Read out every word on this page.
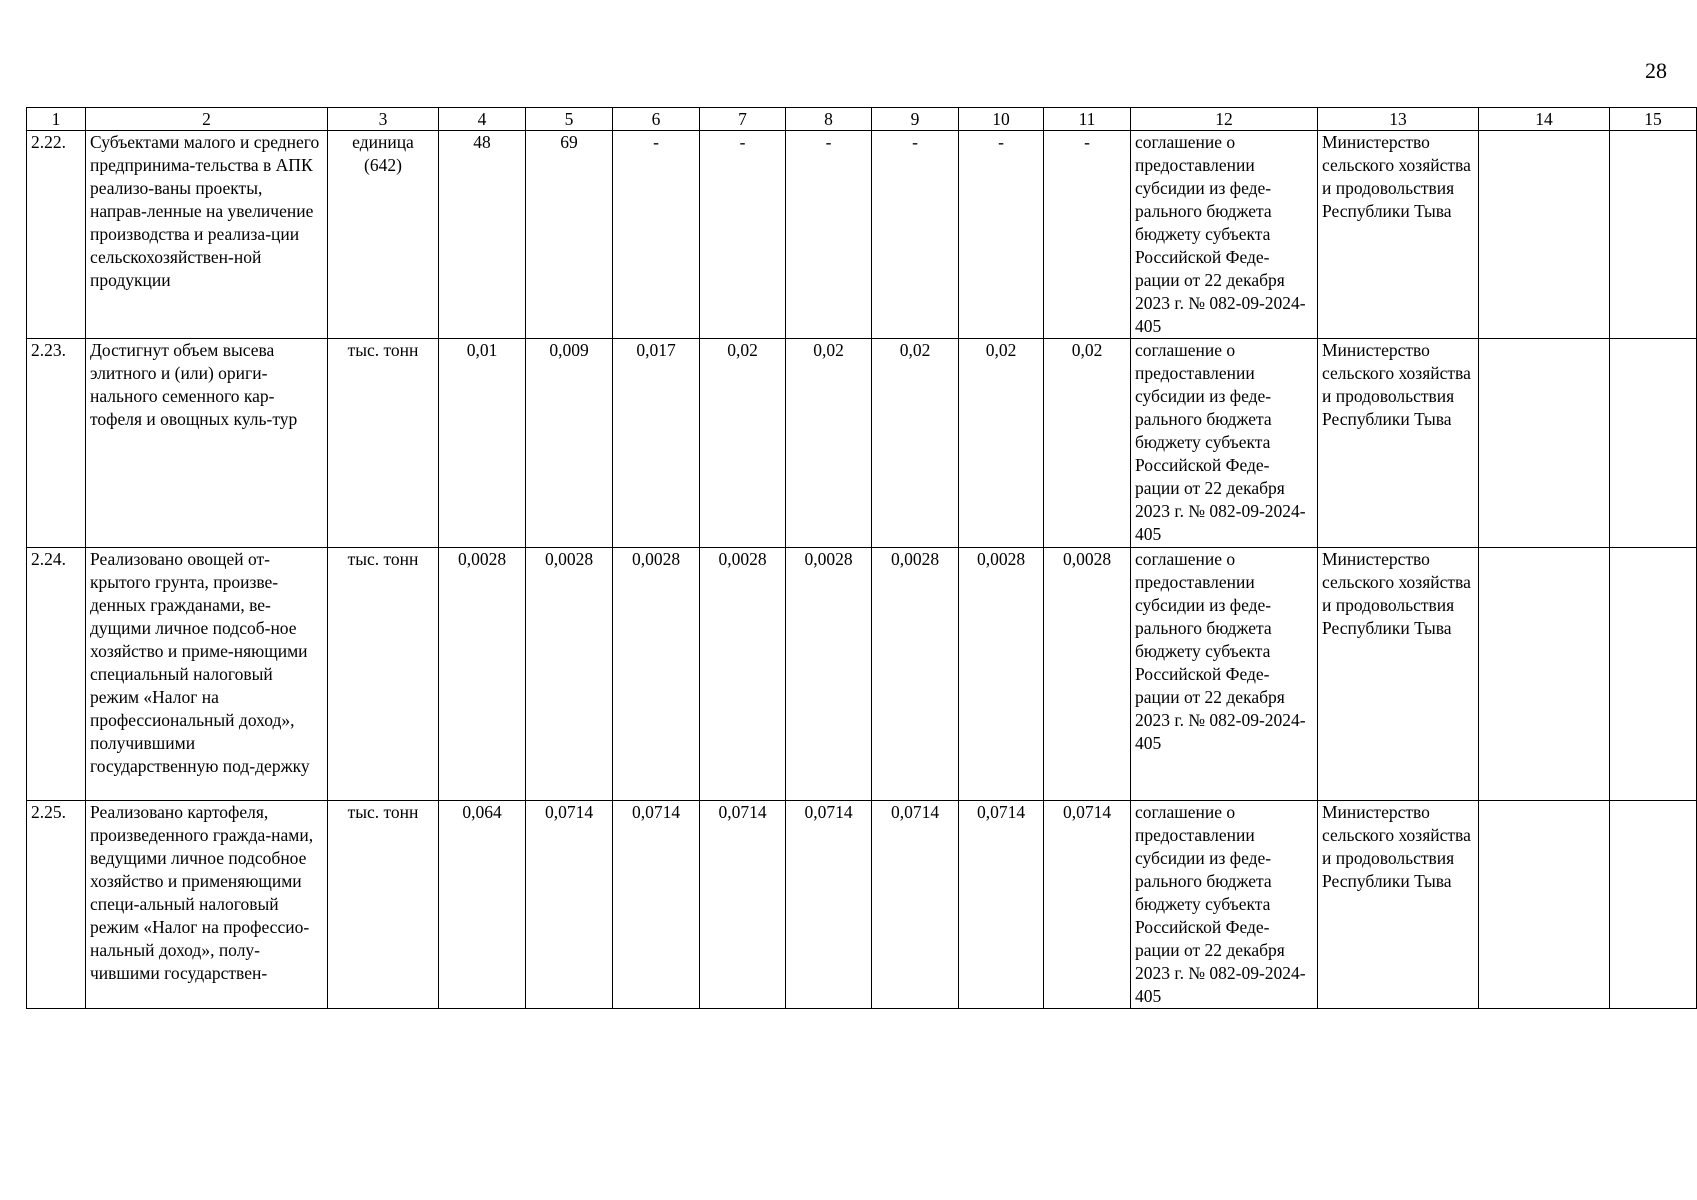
28
1	2	3	4	5	6	7	8	9	10	11	12	13	14	15
2.22.	Субъектами малого и среднего предпринима-тельства в АПК реализо-ваны проекты, направ-ленные на увеличение производства и реализа-ции сельскохозяйствен-ной продукции	единица (642)	48	69	-	-	-	-	-	-	соглашение о предоставлении субсидии из феде-рального бюджета бюджету субъекта Российской Феде-рации от 22 декабря 2023 г. № 082-09-2024-405	Министерство сельского хозяйства и продовольствия Республики Тыва		
2.23.	Достигнут объем высева элитного и (или) ориги-нального семенного кар-тофеля и овощных куль-тур	тыс. тонн	0,01	0,009	0,017	0,02	0,02	0,02	0,02	0,02	соглашение о предоставлении субсидии из феде-рального бюджета бюджету субъекта Российской Феде-рации от 22 декабря 2023 г. № 082-09-2024-405	Министерство сельского хозяйства и продовольствия Республики Тыва		
2.24.	Реализовано овощей от-крытого грунта, произве-денных гражданами, ве-дущими личное подсоб-ное хозяйство и приме-няющими специальный налоговый режим «Налог на профессиональный доход», получившими государственную под-держку	тыс. тонн	0,0028	0,0028	0,0028	0,0028	0,0028	0,0028	0,0028	0,0028	соглашение о предоставлении субсидии из феде-рального бюджета бюджету субъекта Российской Феде-рации от 22 декабря 2023 г. № 082-09-2024-405	Министерство сельского хозяйства и продовольствия Республики Тыва		
2.25.	Реализовано картофеля, произведенного гражда-нами, ведущими личное подсобное хозяйство и применяющими специ-альный налоговый режим «Налог на профессио-нальный доход», полу-чившими государствен-	тыс. тонн	0,064	0,0714	0,0714	0,0714	0,0714	0,0714	0,0714	0,0714	соглашение о предоставлении субсидии из феде-рального бюджета бюджету субъекта Российской Феде-рации от 22 декабря 2023 г. № 082-09-2024-405	Министерство сельского хозяйства и продовольствия Республики Тыва		
